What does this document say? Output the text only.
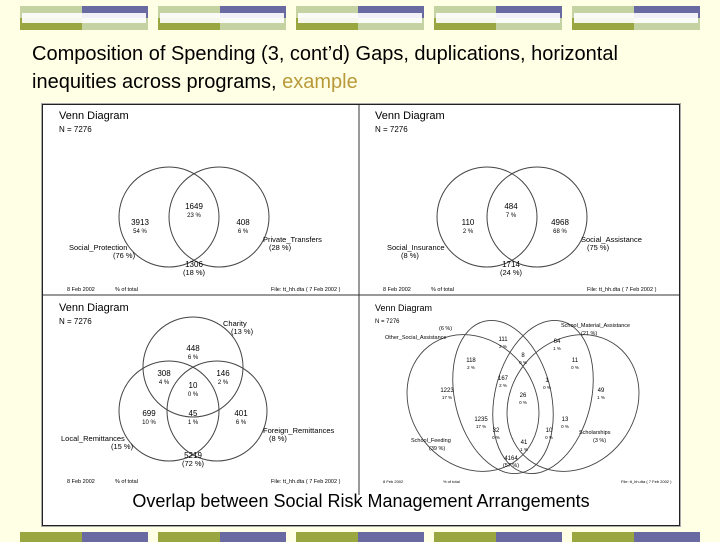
Composition of Spending (3, cont’d) Gaps, duplications, horizontal inequities across programs, example
Venn Diagram
N = 7276
3913
54 %
1649
23 %
408
6 %
Social_Protection
(76 %)
Private_Transfers
(28 %)
1306
(18 %)
8 Feb 2002	% of total	File: tt_hh.dta ( 7 Feb 2002 )
Venn Diagram
N = 7276
110
2 %
484
7 %
4968
68 %
Social_Insurance
(8 %)
Social_Assistance
(75 %)
1714
(24 %)
8 Feb 2002	% of total	File: tt_hh.dta ( 7 Feb 2002 )
Venn Diagram
N = 7276	Charity
(13 %)
448
6 %
308
4 %
146
2 %
10
0 %
699
10 %
45
1 %
401
6 %
Local_Remittances
(15 %)
Foreign_Remittances
(8 %)
5219
(72 %)
8 Feb 2002	% of total	File: tt_hh.dta ( 7 Feb 2002 )
Venn Diagram
N = 7276
(6 %)
Other_Social_Assistance
School_Material_Assistance
(21 %)
School_Feeding
(39 %)
Scholarships
(3 %)
111
2 %
64
1 %
8
0 %
118
2 %
11
0 %
167
2 %
1
0 %
1223
17 %
49
1 %
26
0 %
1235
17 %
13
0 %
32
0 %
10
0 %
41
1 %
4164
(57 %)
8 Feb 2002	% of total	File: tt_hh.dta ( 7 Feb 2002 )
Overlap between Social Risk Management Arrangements
